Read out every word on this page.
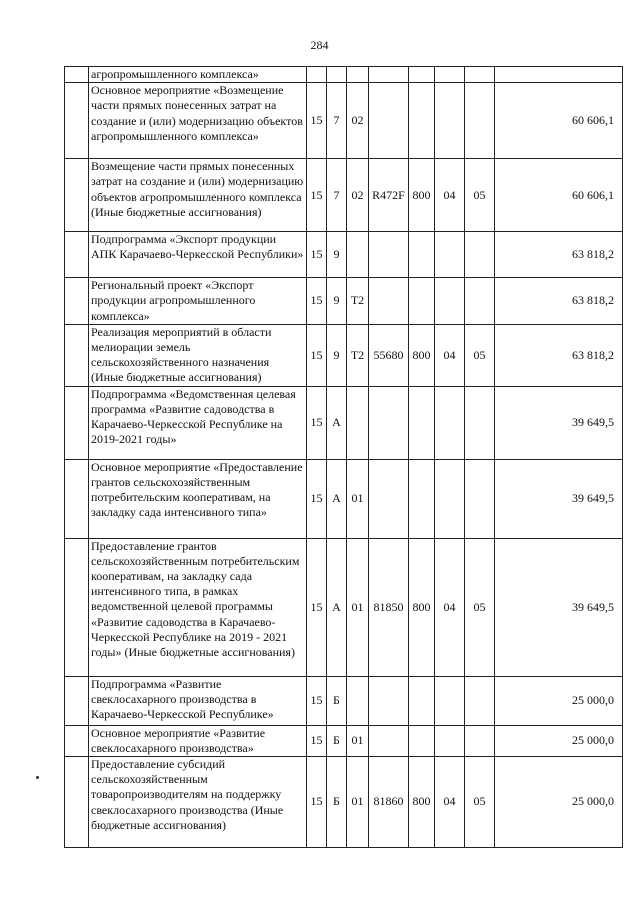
284
	агропромышленного комплекса»								
	Основное мероприятие «Возмещение части прямых понесенных затрат на создание и (или) модернизацию объектов агропромышленного комплекса»	15	7	02					60 606,1
	Возмещение части прямых понесенных затрат на создание и (или) модернизацию объектов агропромышленного комплекса (Иные бюджетные ассигнования)	15	7	02	R472F	800	04	05	60 606,1
	Подпрограмма «Экспорт продукции АПК Карачаево-Черкесской Республики»	15	9						63 818,2
	Региональный проект «Экспорт продукции агропромышленного комплекса»	15	9	Т2					63 818,2
	Реализация мероприятий в области мелиорации земель сельскохозяйственного назначения (Иные бюджетные ассигнования)	15	9	Т2	55680	800	04	05	63 818,2
	Подпрограмма «Ведомственная целевая программа «Развитие садоводства в Карачаево-Черкесской Республике на 2019-2021 годы»	15	А						39 649,5
	Основное мероприятие «Предоставление грантов сельскохозяйственным потребительским кооперативам, на закладку сада интенсивного типа»	15	А	01					39 649,5
	Предоставление грантов сельскохозяйственным потребительским кооперативам, на закладку сада интенсивного типа, в рамках ведомственной целевой программы «Развитие садоводства в Карачаево-Черкесской Республике на 2019 - 2021 годы» (Иные бюджетные ассигнования)	15	А	01	81850	800	04	05	39 649,5
	Подпрограмма «Развитие свеклосахарного производства в Карачаево-Черкесской Республике»	15	Б						25 000,0
	Основное мероприятие «Развитие свеклосахарного производства»	15	Б	01					25 000,0
	Предоставление субсидий сельскохозяйственным товаропроизводителям на поддержку свеклосахарного производства (Иные бюджетные ассигнования)	15	Б	01	81860	800	04	05	25 000,0
